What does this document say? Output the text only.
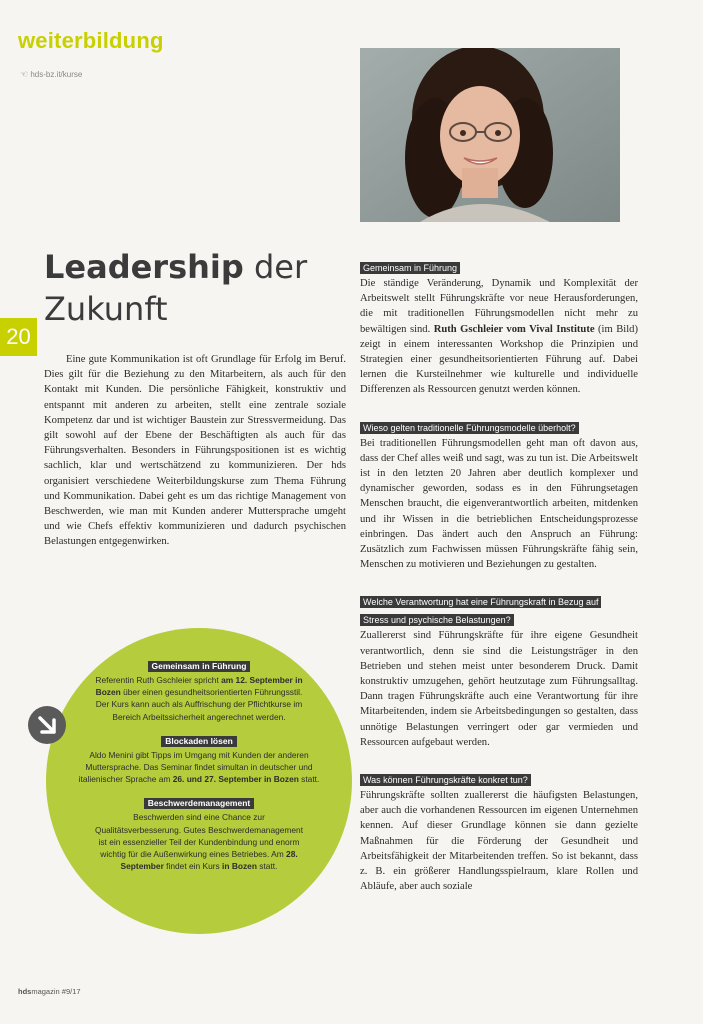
weiterbildung
☜ hds-bz.it/kurse
Leadership der
Zukunft
20
Eine gute Kommunikation ist oft Grundlage für Erfolg im Beruf. Dies gilt für die Beziehung zu den Mitarbeitern, als auch für den Kontakt mit Kunden. Die persönliche Fähigkeit, konstruktiv und entspannt mit anderen zu arbeiten, stellt eine zentrale soziale Kompetenz dar und ist wichtiger Baustein zur Stressvermeidung. Das gilt sowohl auf der Ebene der Beschäftigten als auch für das Führungsverhalten. Besonders in Führungspositionen ist es wichtig sachlich, klar und wertschätzend zu kommunizieren. Der hds organisiert verschiedene Weiterbildungskurse zum Thema Führung und Kommunikation. Dabei geht es um das richtige Management von Beschwerden, wie man mit Kunden anderer Muttersprache umgeht und wie Chefs effektiv kommunizieren und dadurch psychischen Belastungen entgegenwirken.
Gemeinsam in Führung
Die ständige Veränderung, Dynamik und Komplexität der Arbeitswelt stellt Führungskräfte vor neue Herausforderungen, die mit traditionellen Führungsmodellen nicht mehr zu bewältigen sind. Ruth Gschleier vom Vival Institute (im Bild) zeigt in einem interessanten Workshop die Prinzipien und Strategien einer gesundheitsorientierten Führung auf. Dabei lernen die Kursteilnehmer wie kulturelle und individuelle Differenzen als Ressourcen genutzt werden können.
Wieso gelten traditionelle Führungsmodelle überholt?
Bei traditionellen Führungsmodellen geht man oft davon aus, dass der Chef alles weiß und sagt, was zu tun ist. Die Arbeitswelt ist in den letzten 20 Jahren aber deutlich komplexer und dynamischer geworden, sodass es in den Führungsetagen Menschen braucht, die eigenverantwortlich arbeiten, mitdenken und ihr Wissen in die betrieblichen Entscheidungsprozesse einbringen. Das ändert auch den Anspruch an Führung: Zusätzlich zum Fachwissen müssen Führungskräfte fähig sein, Menschen zu motivieren und Beziehungen zu gestalten.
Welche Verantwortung hat eine Führungskraft in Bezug auf
Stress und psychische Belastungen?
Zuallererst sind Führungskräfte für ihre eigene Gesundheit verantwortlich, denn sie sind die Leistungsträger in den Betrieben und stehen meist unter besonderem Druck. Damit konstruktiv umzugehen, gehört heutzutage zum Führungsalltag. Dann tragen Führungskräfte auch eine Verantwortung für ihre Mitarbeitenden, indem sie Arbeitsbedingungen so gestalten, dass unnötige Belastungen verringert oder gar vermieden und Ressourcen aufgebaut werden.
Was können Führungskräfte konkret tun?
Führungskräfte sollten zuallererst die häufigsten Belastungen, aber auch die vorhandenen Ressourcen im eigenen Unternehmen kennen. Auf dieser Grundlage können sie dann gezielte Maßnahmen für die Förderung der Gesundheit und Arbeitsfähigkeit der Mitarbeitenden treffen. So ist bekannt, dass z. B. ein größerer Handlungsspielraum, klare Rollen und Abläufe, aber auch soziale
Gemeinsam in Führung
Referentin Ruth Gschleier spricht am 12. September in Bozen über einen gesundheitsorientierten Führungsstil. Der Kurs kann auch als Auffrischung der Pflichtkurse im Bereich Arbeitssicherheit angerechnet werden.
Blockaden lösen
Aldo Menini gibt Tipps im Umgang mit Kunden der anderen Muttersprache. Das Seminar findet simultan in deutscher und italienischer Sprache am 26. und 27. September in Bozen statt.
Beschwerdemanagement
Beschwerden sind eine Chance zur Qualitätsverbesserung. Gutes Beschwerdemanagement ist ein essenzieller Teil der Kundenbindung und enorm wichtig für die Außenwirkung eines Betriebes. Am 28. September findet ein Kurs in Bozen statt.
hdsmagazin #9/17
